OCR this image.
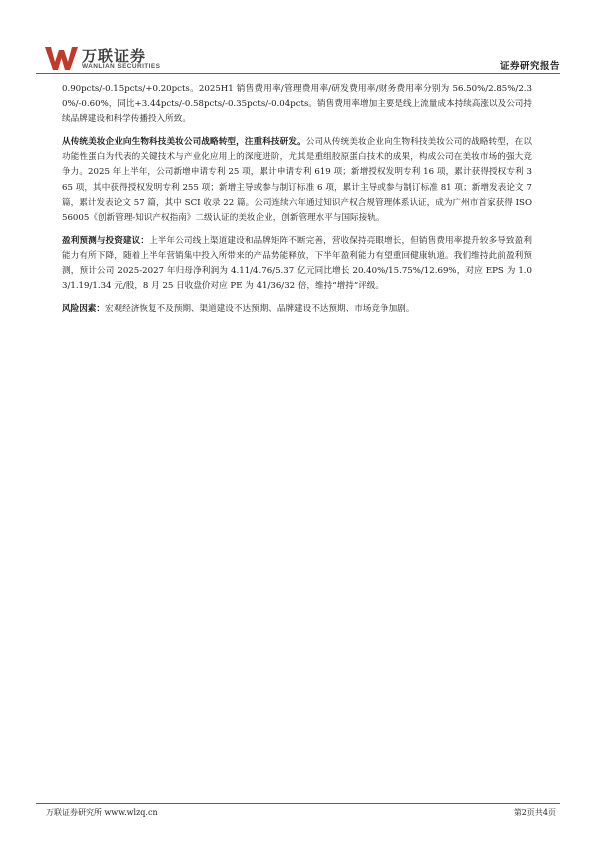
万联证券
WANLIAN SECURITIES	证券研究报告

0.90pcts/-0.15pcts/+0.20pcts。2025H1 销售费用率/管理费用率/研发费用率/财务费用率分别为 56.50%/2.85%/2.30%/-0.60%，同比+3.44pcts/-0.58pcts/-0.35pcts/-0.04pcts。销售费用率增加主要是线上流量成本持续高涨以及公司持续品牌建设和科学传播投入所致。

从传统美妆企业向生物科技美妆公司战略转型，注重科技研发。公司从传统美妆企业向生物科技美妆公司的战略转型，在以功能性蛋白为代表的关键技术与产业化应用上的深度进阶，尤其是重组胶原蛋白技术的成果，构成公司在美妆市场的强大竞争力。2025 年上半年，公司新增申请专利 25 项，累计申请专利 619 项；新增授权发明专利 16 项，累计获得授权专利 365 项，其中获得授权发明专利 255 项；新增主导或参与制订标准 6 项，累计主导或参与制订标准 81 项；新增发表论文 7 篇，累计发表论文 57 篇，其中 SCI 收录 22 篇。公司连续六年通过知识产权合规管理体系认证，成为广州市首家获得 ISO56005《创新管理-知识产权指南》二级认证的美妆企业，创新管理水平与国际接轨。

盈利预测与投资建议：上半年公司线上渠道建设和品牌矩阵不断完善，营收保持亮眼增长，但销售费用率提升较多导致盈利能力有所下降，随着上半年营销集中投入所带来的产品势能释放，下半年盈利能力有望重回健康轨道。我们维持此前盈利预测，预计公司 2025-2027 年归母净利润为 4.11/4.76/5.37 亿元同比增长 20.40%/15.75%/12.69%，对应 EPS 为 1.03/1.19/1.34 元/股，8 月 25 日收盘价对应 PE 为 41/36/32 倍，维持“增持”评级。

风险因素：宏观经济恢复不及预期、渠道建设不达预期、品牌建设不达预期、市场竞争加剧。

万联证券研究所 www.wlzq.cn	第2页共4页
